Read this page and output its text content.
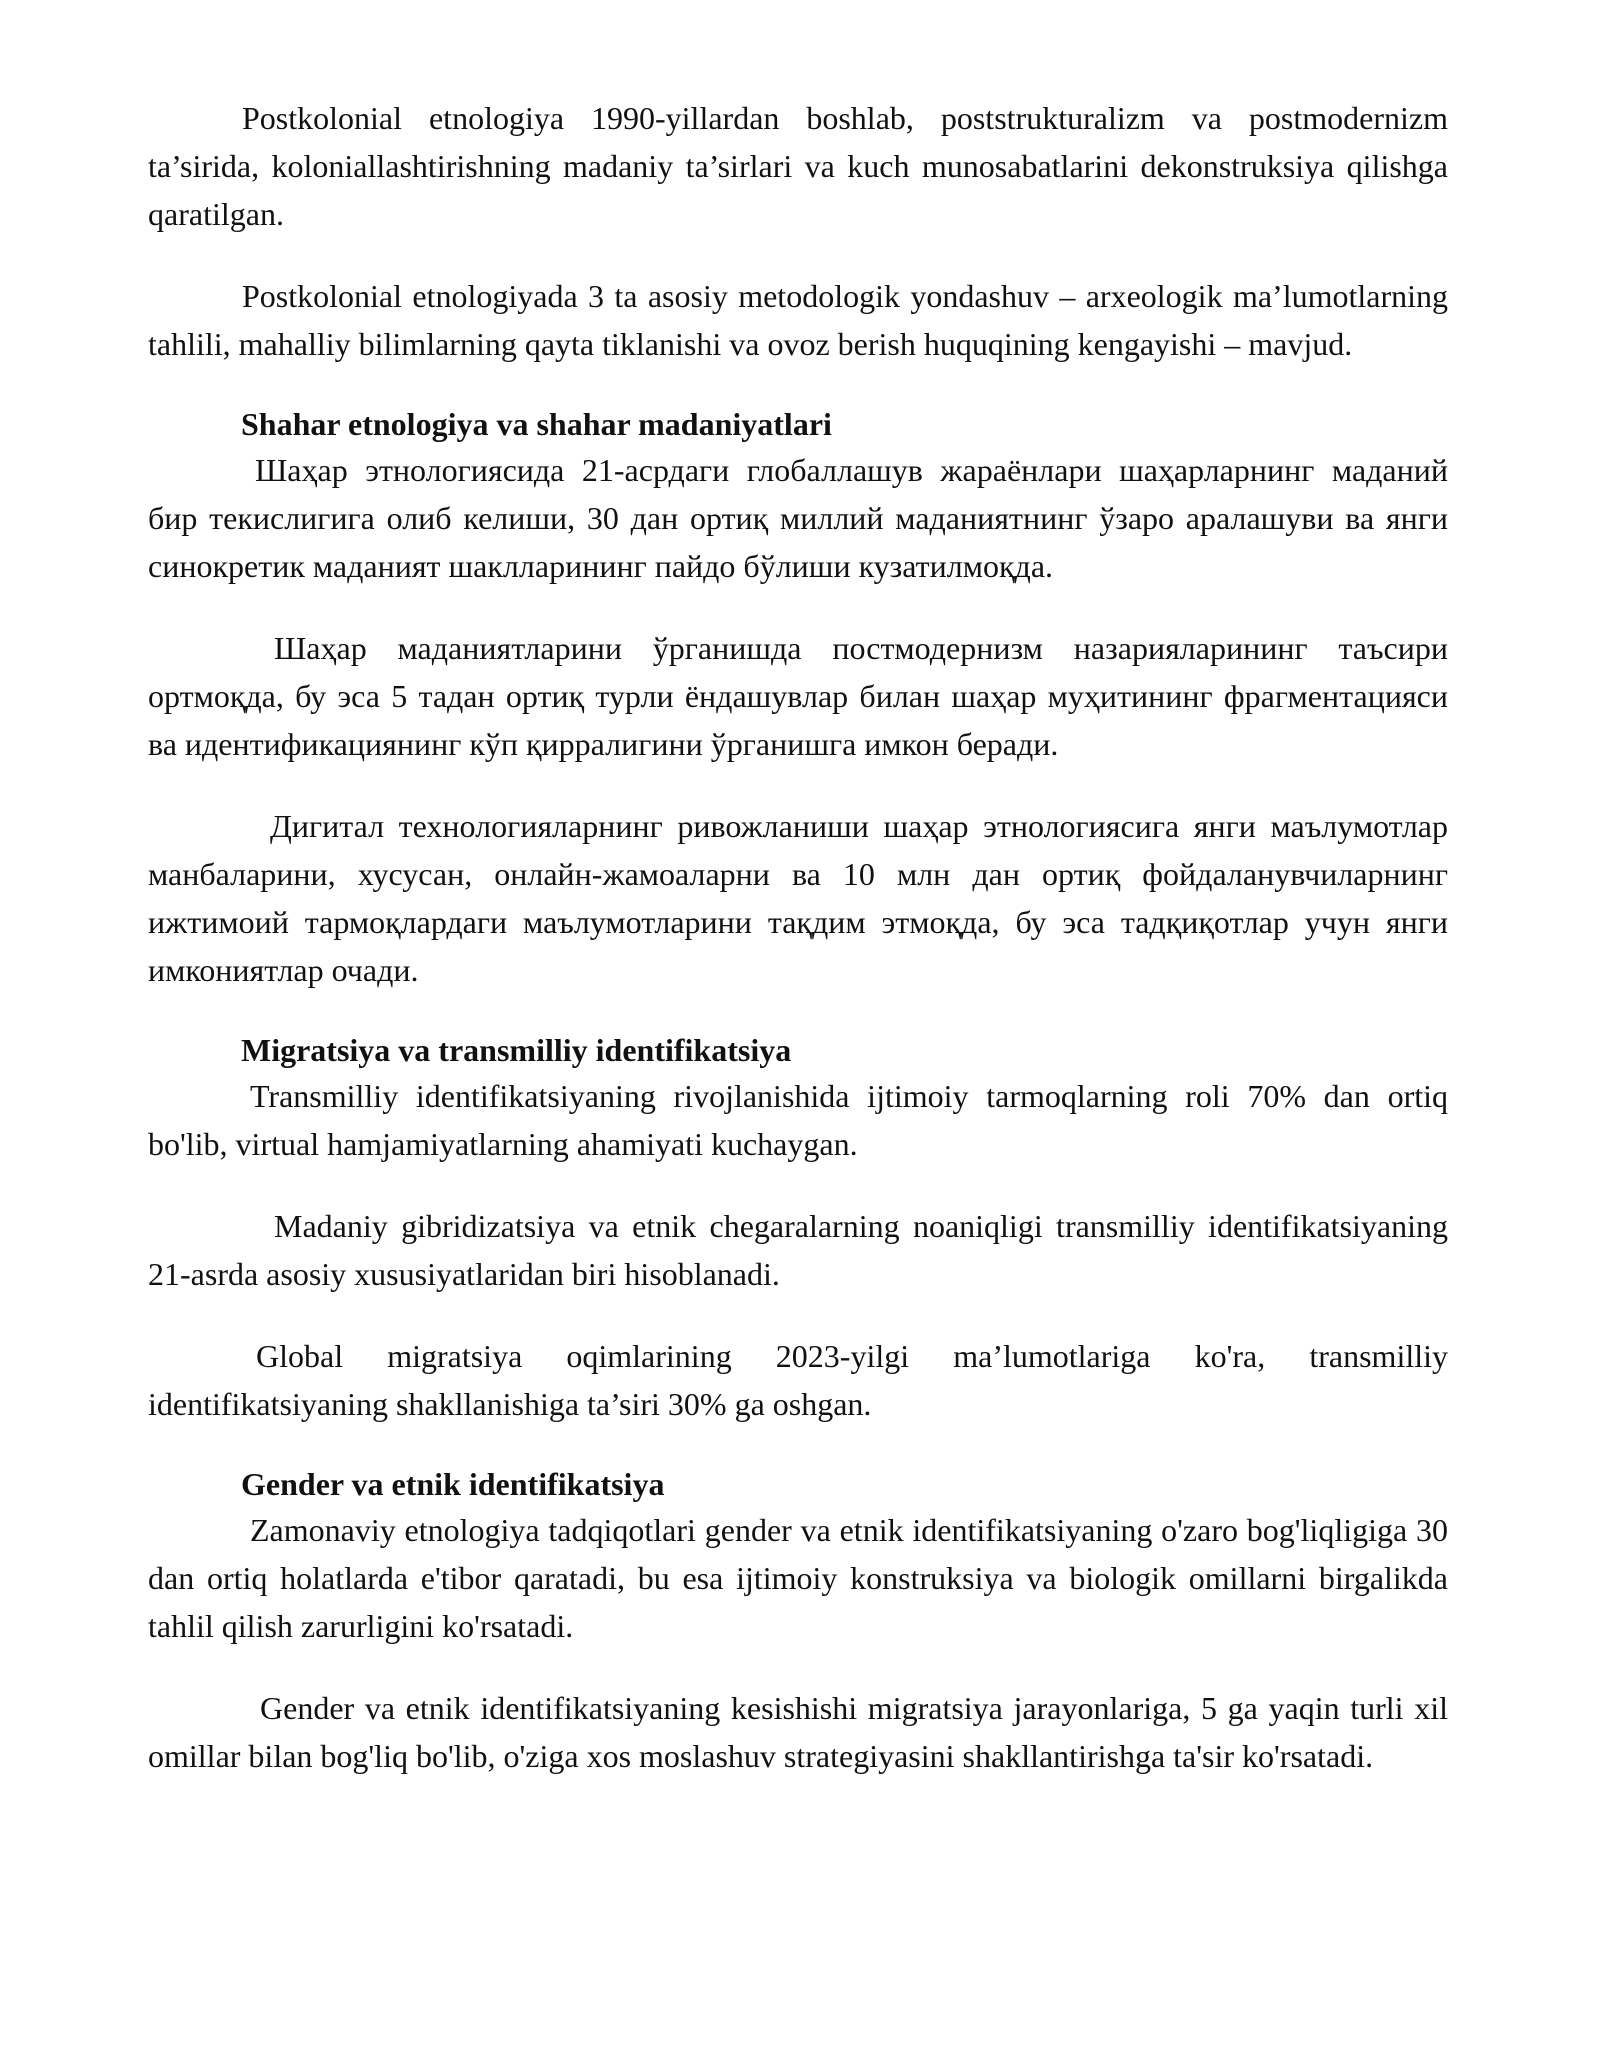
Postkolonial etnologiya 1990-yillardan boshlab, poststrukturalizm va postmodernizm ta’sirida, koloniallashtirishning madaniy ta’sirlari va kuch munosabatlarini dekonstruksiya qilishga qaratilgan.

Postkolonial etnologiyada 3 ta asosiy metodologik yondashuv – arxeologik ma’lumotlarning tahlili, mahalliy bilimlarning qayta tiklanishi va ovoz berish huquqining kengayishi – mavjud.

Shahar etnologiya va shahar madaniyatlari

Шаҳар этнологиясида 21-асрдаги глобаллашув жараёнлари шаҳарларнинг маданий бир текислигига олиб келиши, 30 дан ортиқ миллий маданиятнинг ўзаро аралашуви ва янги синокретик маданият шаклларининг пайдо бўлиши кузатилмоқда.

Шаҳар маданиятларини ўрганишда постмодернизм назарияларининг таъсири ортмоқда, бу эса 5 тадан ортиқ турли ёндашувлар билан шаҳар муҳитининг фрагментацияси ва идентификациянинг кўп қирралигини ўрганишга имкон беради.

Дигитал технологияларнинг ривожланиши шаҳар этнологиясига янги маълумотлар манбаларини, хусусан, онлайн-жамоаларни ва 10 млн дан ортиқ фойдаланувчиларнинг ижтимоий тармоқлардаги маълумотларини тақдим этмоқда, бу эса тадқиқотлар учун янги имкониятлар очади.

Migratsiya va transmilliy identifikatsiya

Transmilliy identifikatsiyaning rivojlanishida ijtimoiy tarmoqlarning roli 70% dan ortiq bo'lib, virtual hamjamiyatlarning ahamiyati kuchaygan.

Madaniy gibridizatsiya va etnik chegaralarning noaniqligi transmilliy identifikatsiyaning 21-asrda asosiy xususiyatlaridan biri hisoblanadi.

Global migratsiya oqimlarining 2023-yilgi ma’lumotlariga ko'ra, transmilliy identifikatsiyaning shakllanishiga ta’siri 30% ga oshgan.

Gender va etnik identifikatsiya

Zamonaviy etnologiya tadqiqotlari gender va etnik identifikatsiyaning o'zaro bog'liqligiga 30 dan ortiq holatlarda e'tibor qaratadi, bu esa ijtimoiy konstruksiya va biologik omillarni birgalikda tahlil qilish zarurligini ko'rsatadi.

Gender va etnik identifikatsiyaning kesishishi migratsiya jarayonlariga, 5 ga yaqin turli xil omillar bilan bog'liq bo'lib, o'ziga xos moslashuv strategiyasini shakllantirishga ta'sir ko'rsatadi.
